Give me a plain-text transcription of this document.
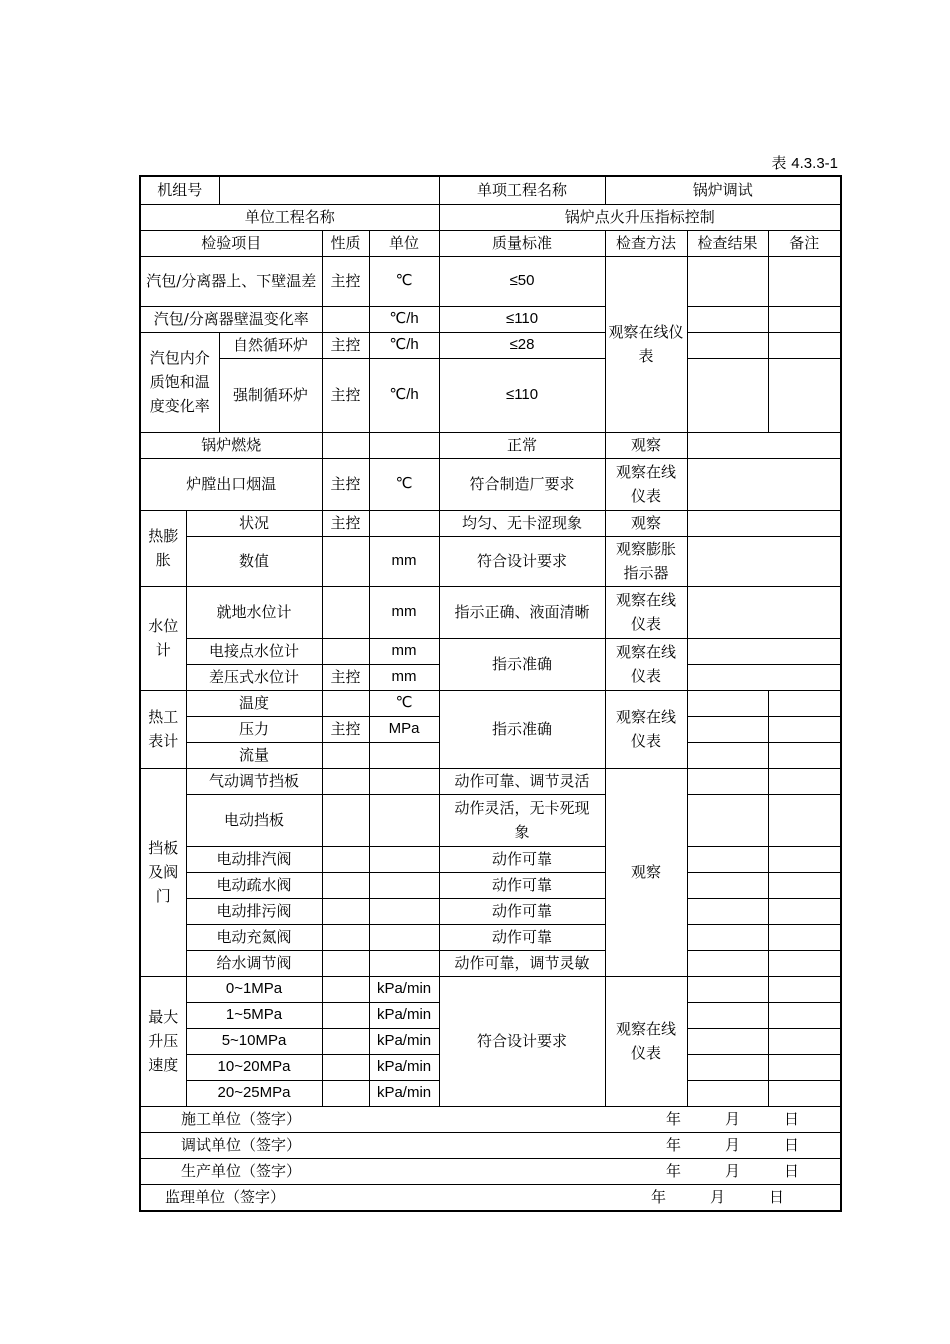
表 4.3.3-1
机组号					单项工程名称	锅炉调试		
单位工程名称					锅炉点火升压指标控制			
检验项目			性质	单位	质量标准	检查方法	检查结果	备注
汽包/分离器上、下壁温差			主控	℃	≤50	观察在线仪表		
汽包/分离器壁温变化率				℃/h	≤110			
汽包内介质饱和温度变化率		自然循环炉	主控	℃/h	≤28			
		强制循环炉	主控	℃/h	≤110			
锅炉燃烧					正常	观察		
炉膛出口烟温			主控	℃	符合制造厂要求	观察在线仪表		
热膨胀	状况		主控		均匀、无卡涩现象	观察		
	数值			mm	符合设计要求	观察膨胀指示器		
水位计	就地水位计			mm	指示正确、液面清晰	观察在线仪表		
	电接点水位计			mm	指示准确	观察在线仪表		
	差压式水位计		主控	mm				
热工表计	温度			℃	指示准确	观察在线仪表		
	压力		主控	MPa				
	流量							
挡板及阀门	气动调节挡板				动作可靠、调节灵活	观察		
	电动挡板				动作灵活，无卡死现象			
	电动排汽阀				动作可靠			
	电动疏水阀				动作可靠			
	电动排污阀				动作可靠			
	电动充氮阀				动作可靠			
	给水调节阀				动作可靠，调节灵敏			
最大升压速度	0~1MPa			kPa/min	符合设计要求	观察在线仪表		
	1~5MPa			kPa/min				
	5~10MPa			kPa/min				
	10~20MPa			kPa/min				
	20~25MPa			kPa/min				

施工单位（签字） 年 月 日								

调试单位（签字） 年 月 日								

生产单位（签字） 年 月 日								

监理单位（签字） 年 月 日								
